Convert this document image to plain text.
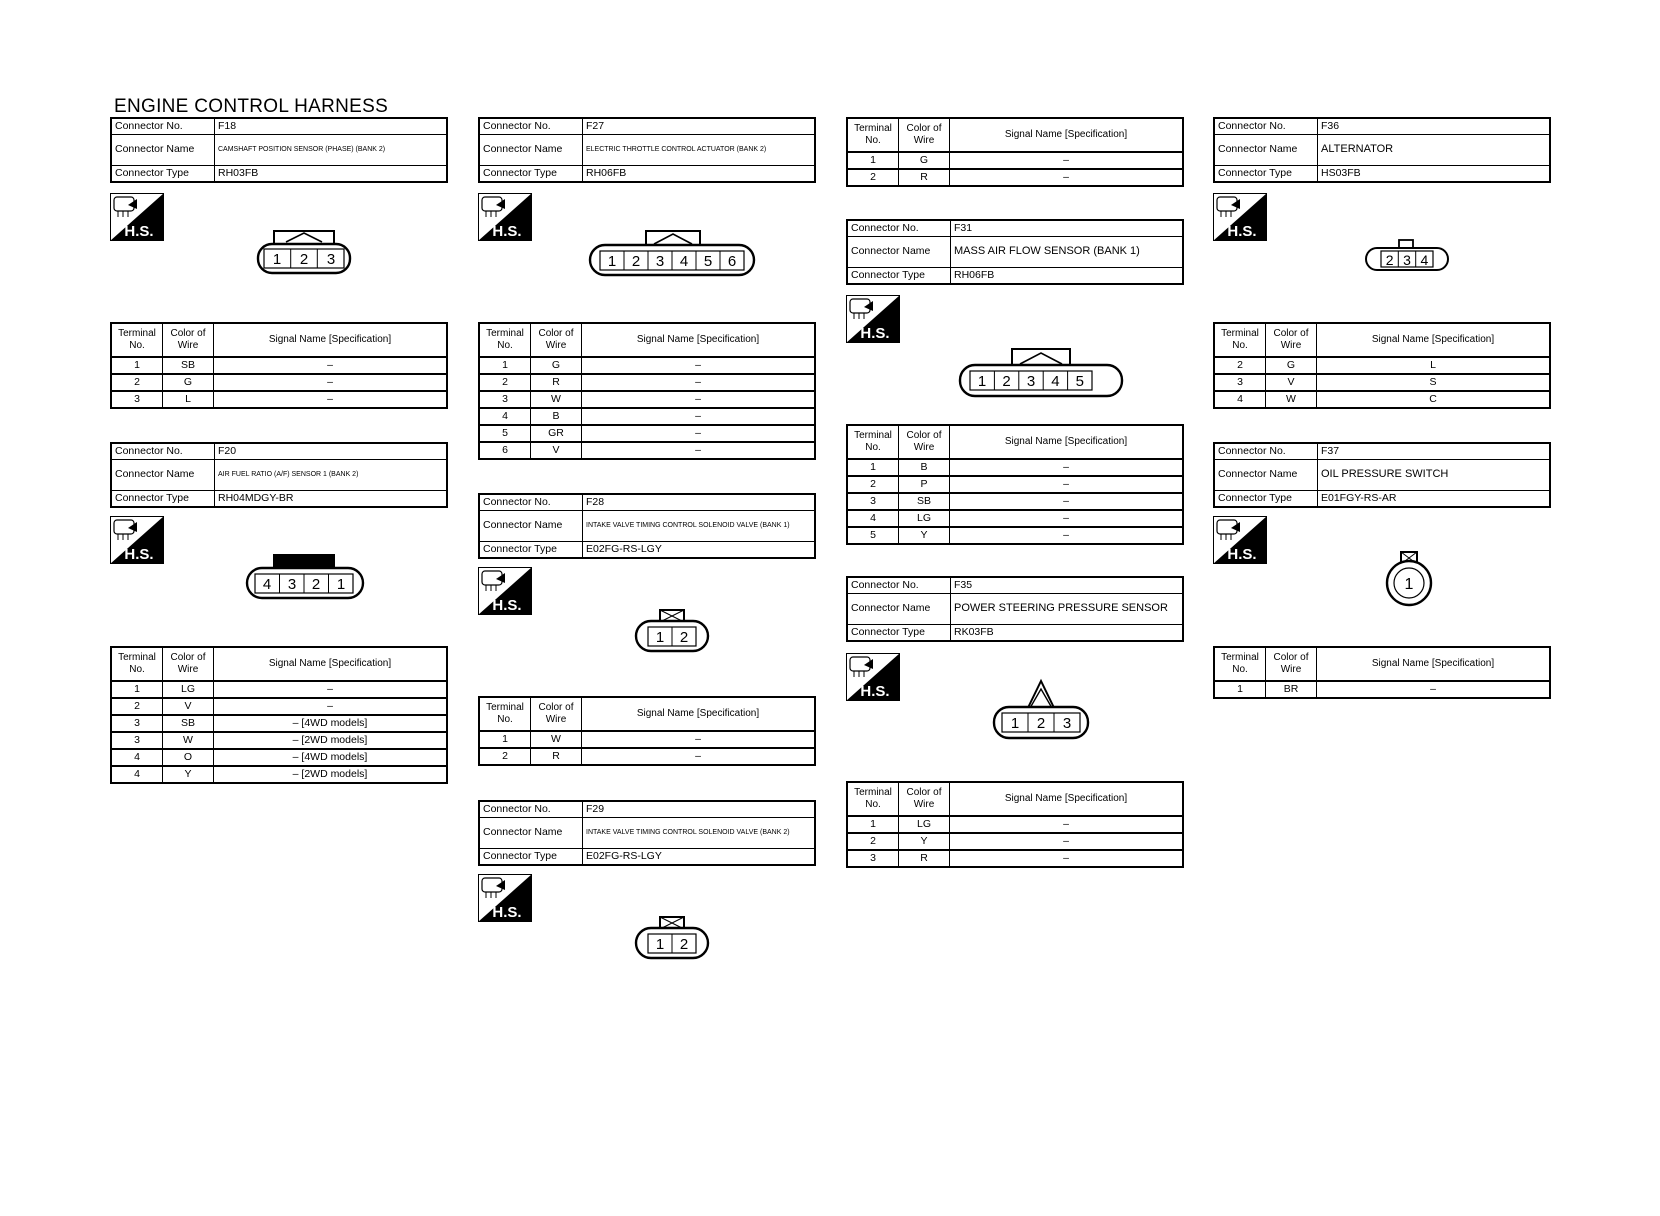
ENGINE CONTROL HARNESS
Connector No.	F18
Connector Name	CAMSHAFT POSITION SENSOR (PHASE) (BANK 2)
Connector Type	RH03FB
1 2 3
Terminal No.	Color of Wire	Signal Name [Specification]
1	SB	–
2	G	–
3	L	–
Connector No.	F20
Connector Name	AIR FUEL RATIO (A/F) SENSOR 1 (BANK 2)
Connector Type	RH04MDGY-BR
4 3 2 1
Terminal No.	Color of Wire	Signal Name [Specification]
1	LG	–
2	V	–
3	SB	– [4WD models]
3	W	– [2WD models]
4	O	– [4WD models]
4	Y	– [2WD models]
Connector No.	F27
Connector Name	ELECTRIC THROTTLE CONTROL ACTUATOR (BANK 2)
Connector Type	RH06FB
1 2 3 4 5 6
Terminal No.	Color of Wire	Signal Name [Specification]
1	G	–
2	R	–
3	W	–
4	B	–
5	GR	–
6	V	–
Connector No.	F28
Connector Name	INTAKE VALVE TIMING CONTROL SOLENOID VALVE (BANK 1)
Connector Type	E02FG-RS-LGY
1 2
Terminal No.	Color of Wire	Signal Name [Specification]
1	W	–
2	R	–
Connector No.	F29
Connector Name	INTAKE VALVE TIMING CONTROL SOLENOID VALVE (BANK 2)
Connector Type	E02FG-RS-LGY
1 2
Terminal No.	Color of Wire	Signal Name [Specification]
1	G	–
2	R	–
Connector No.	F31
Connector Name	MASS AIR FLOW SENSOR (BANK 1)
Connector Type	RH06FB
1 2 3 4 5
Terminal No.	Color of Wire	Signal Name [Specification]
1	B	–
2	P	–
3	SB	–
4	LG	–
5	Y	–
Connector No.	F35
Connector Name	POWER STEERING PRESSURE SENSOR
Connector Type	RK03FB
1 2 3
Terminal No.	Color of Wire	Signal Name [Specification]
1	LG	–
2	Y	–
3	R	–
Connector No.	F36
Connector Name	ALTERNATOR
Connector Type	HS03FB
2 3 4
Terminal No.	Color of Wire	Signal Name [Specification]
2	G	L
3	V	S
4	W	C
Connector No.	F37
Connector Name	OIL PRESSURE SWITCH
Connector Type	E01FGY-RS-AR
1
Terminal No.	Color of Wire	Signal Name [Specification]
1	BR	–
